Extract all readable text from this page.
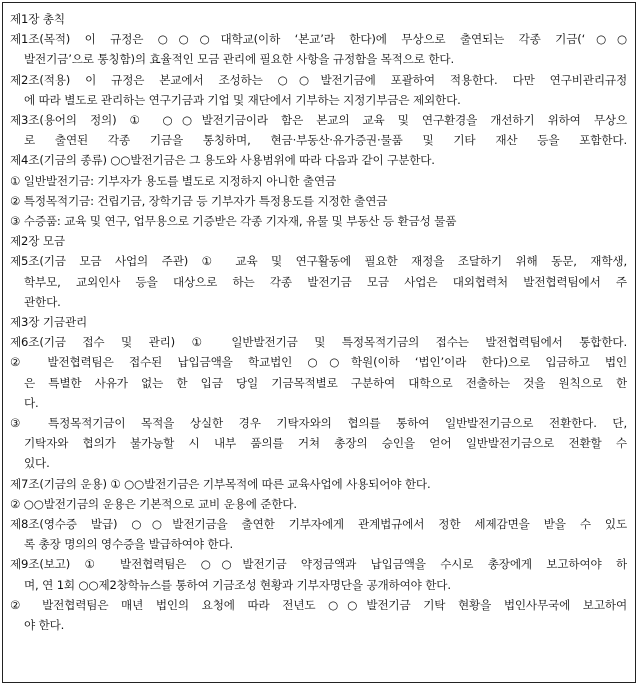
제1장 총칙
제1조(목적) 이 규정은 ○○○대학교(이하 ‘본교’라 한다)에 무상으로 출연되는 각종 기금(‘○○
발전기금’으로 통칭함)의 효율적인 모금 관리에 필요한 사항을 규정함을 목적으로 한다.
제2조(적용) 이 규정은 본교에서 조성하는 ○○발전기금에 포괄하여 적용한다. 다만 연구비관리규정
에 따라 별도로 관리하는 연구기금과 기업 및 재단에서 기부하는 지정기부금은 제외한다.
제3조(용어의 정의) ① ○○발전기금이라 함은 본교의 교육 및 연구환경을 개선하기 위하여 무상으
로 출연된 각종 기금을 통칭하며, 현금·부동산·유가증권·물품 및 기타 재산 등을 포함한다.
제4조(기금의 종류) ○○발전기금은 그 용도와 사용범위에 따라 다음과 같이 구분한다.
① 일반발전기금: 기부자가 용도를 별도로 지정하지 아니한 출연금
② 특정목적기금: 건립기금, 장학기금 등 기부자가 특정용도를 지정한 출연금
③ 수증품: 교육 및 연구, 업무용으로 기증받은 각종 기자재, 유물 및 부동산 등 환금성 물품
제2장 모금
제5조(기금 모금 사업의 주관) ① 교육 및 연구활동에 필요한 재정을 조달하기 위해 동문, 재학생,
학부모, 교외인사 등을 대상으로 하는 각종 발전기금 모금 사업은 대외협력처 발전협력팀에서 주
관한다.
제3장 기금관리
제6조(기금 접수 및 관리) ① 일반발전기금 및 특정목적기금의 접수는 발전협력팀에서 통합한다.
② 발전협력팀은 접수된 납입금액을 학교법인 ○○학원(이하 ‘법인’이라 한다)으로 입금하고 법인
은 특별한 사유가 없는 한 입금 당일 기금목적별로 구분하여 대학으로 전출하는 것을 원칙으로 한
다.
③ 특정목적기금이 목적을 상실한 경우 기탁자와의 협의를 통하여 일반발전기금으로 전환한다. 단,
기탁자와 협의가 불가능할 시 내부 품의를 거쳐 총장의 승인을 얻어 일반발전기금으로 전환할 수
있다.
제7조(기금의 운용) ① ○○발전기금은 기부목적에 따른 교육사업에 사용되어야 한다.
② ○○발전기금의 운용은 기본적으로 교비 운용에 준한다.
제8조(영수증 발급) ○○발전기금을 출연한 기부자에게 관계법규에서 정한 세제감면을 받을 수 있도
록 총장 명의의 영수증을 발급하여야 한다.
제9조(보고) ① 발전협력팀은 ○○발전기금 약정금액과 납입금액을 수시로 총장에게 보고하여야 하
며, 연 1회 ○○제2창학뉴스를 통하여 기금조성 현황과 기부자명단을 공개하여야 한다.
② 발전협력팀은 매년 법인의 요청에 따라 전년도 ○○발전기금 기탁 현황을 법인사무국에 보고하여
야 한다.
